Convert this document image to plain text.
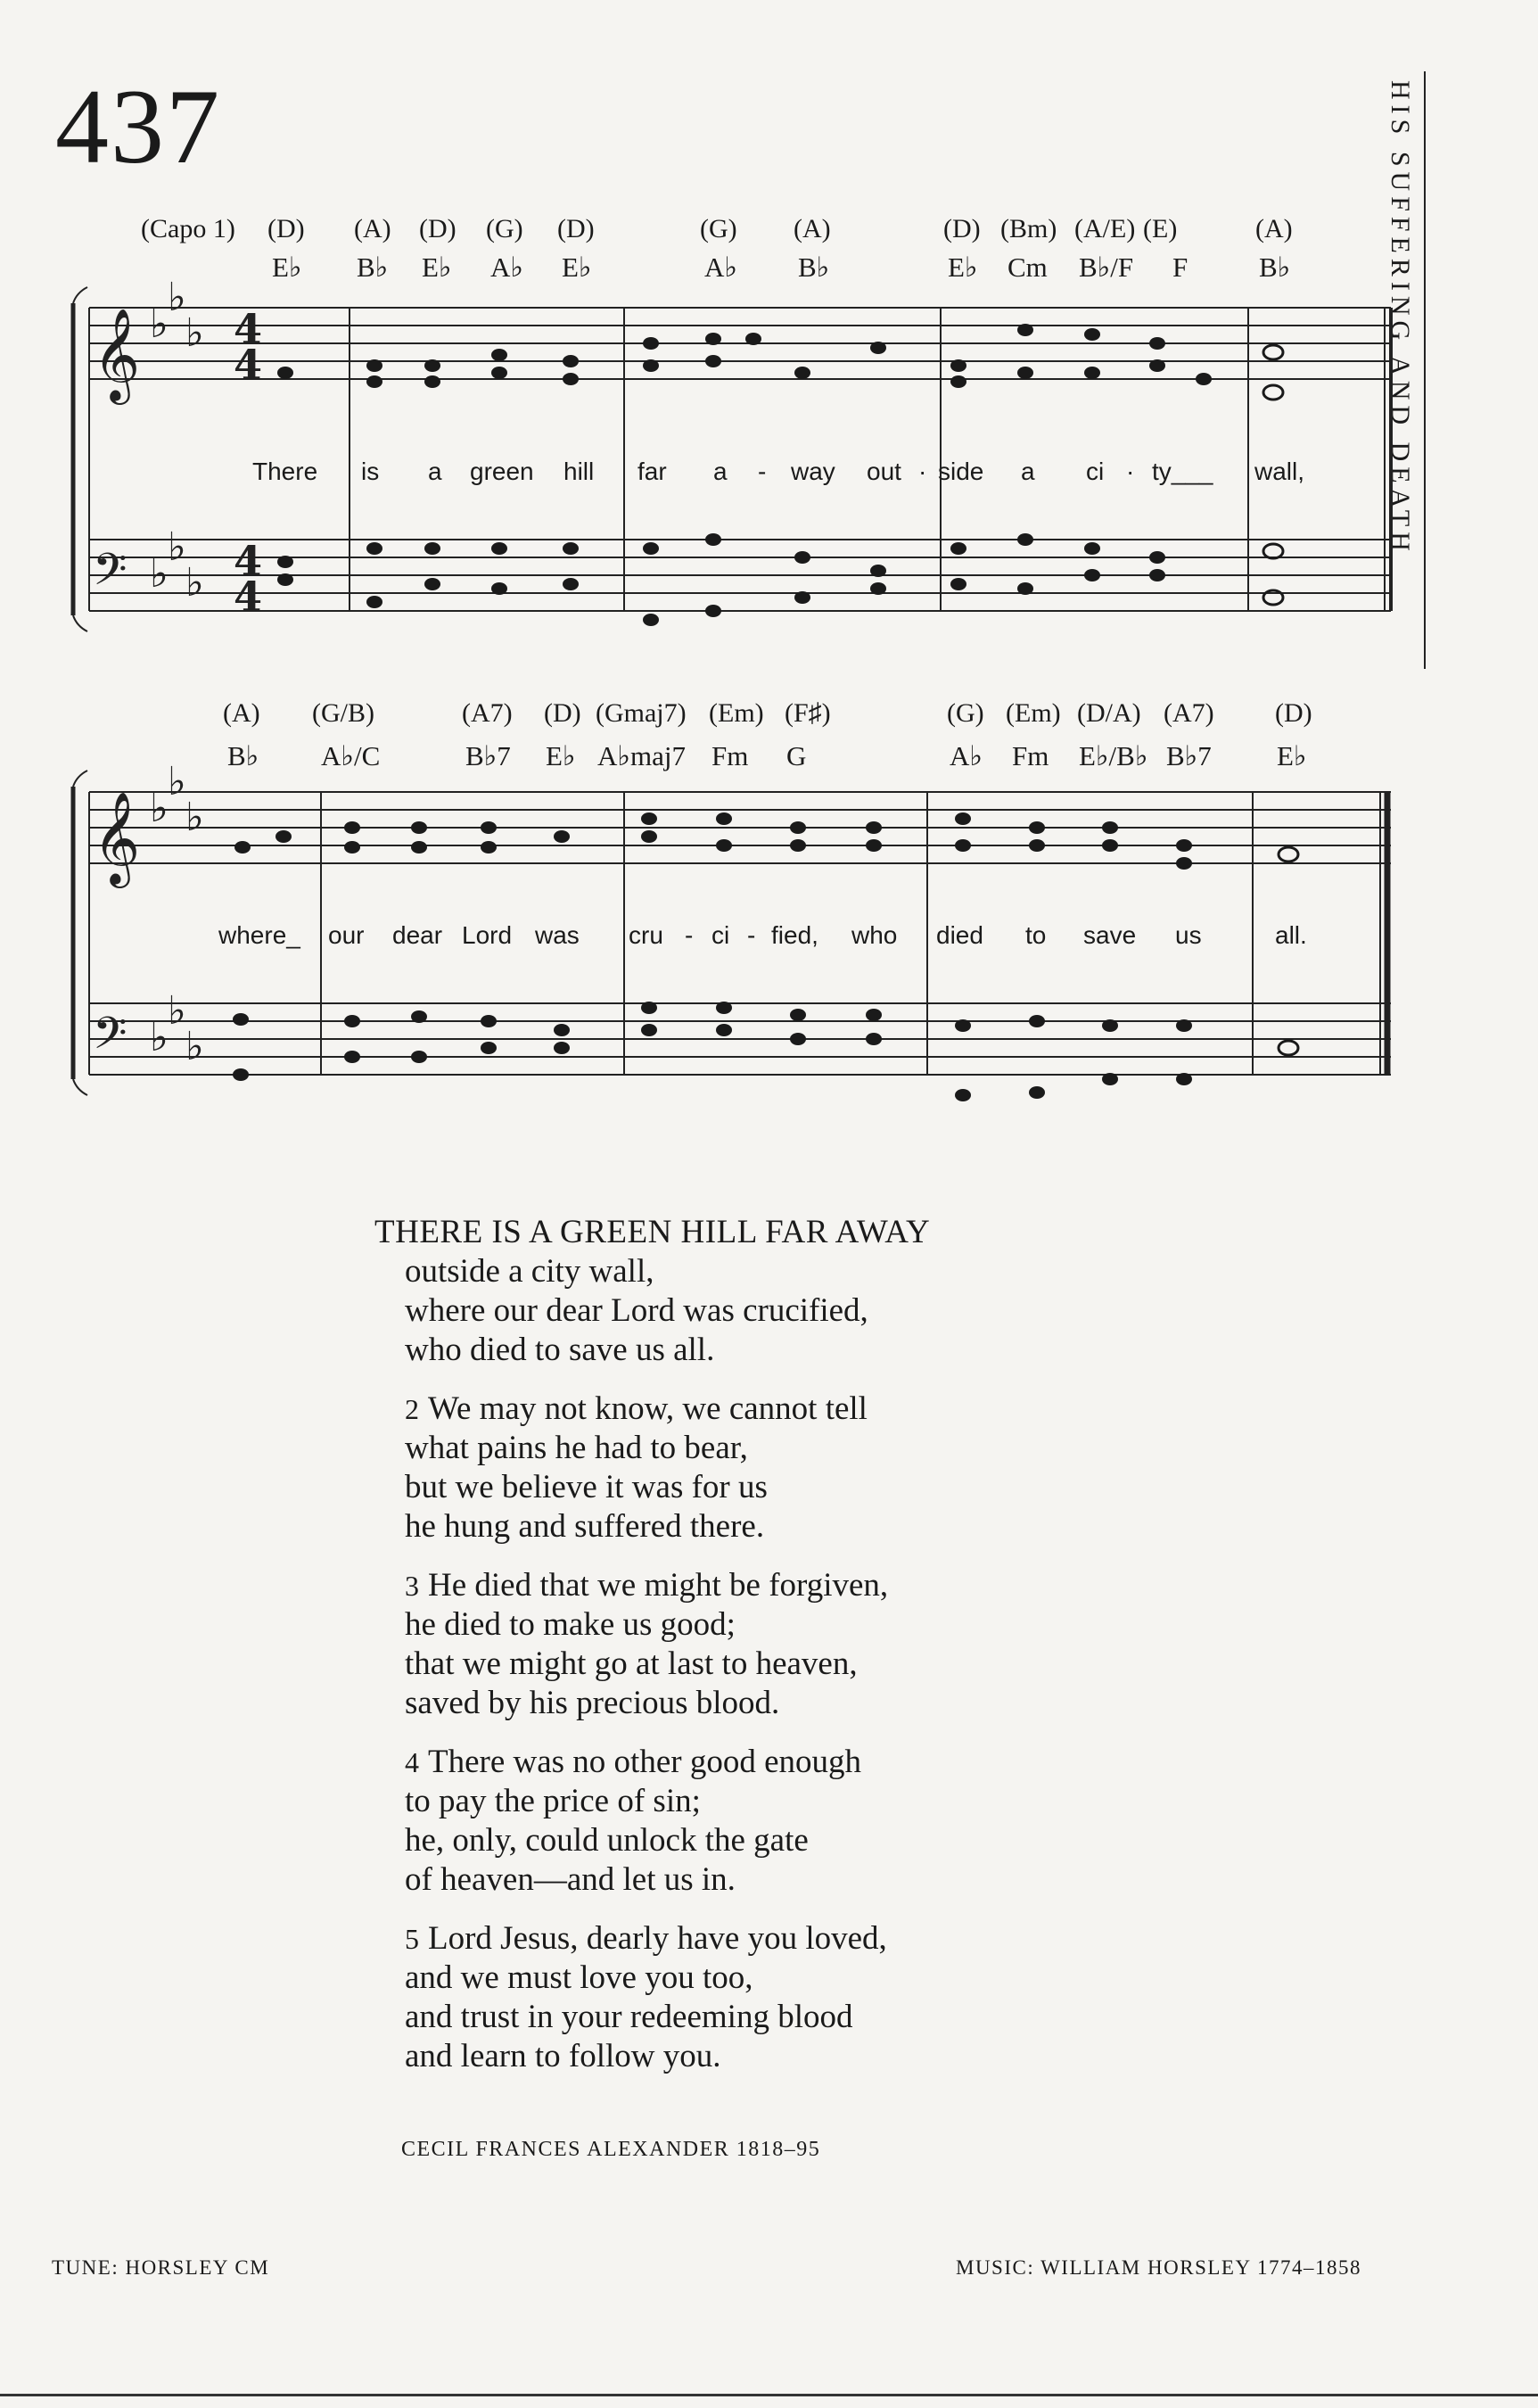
437	HIS SUFFERING AND DEATH
(Capo 1) (D) (A) (D) (G) (D)	(G) (A)	(D) (Bm) (A/E) (E)	(A)
E♭ B♭ E♭ A♭ E♭	A♭ B♭	E♭ Cm B♭/F F	B♭
There is a green hill far a - way out · side a ci · ty___ wall,
(A) (G/B)	(A7) (D) (Gmaj7) (Em) (F♯)	(G) (Em) (D/A) (A7) (D)
B♭ A♭/C	B♭7 E♭ A♭maj7 Fm G	A♭ Fm E♭/B♭ B♭7 E♭
where_ our dear Lord was cru - ci - fied, who died to save us	all.
𝄞
𝄢
𝄞
𝄢
♭
♭
♭
♭
♭
♭
♭
♭
♭
♭
♭
♭
4
4
4
4
THERE IS A GREEN HILL FAR AWAY
outside a city wall,
where our dear Lord was crucified,
who died to save us all.
2 We may not know, we cannot tell
what pains he had to bear,
but we believe it was for us
he hung and suffered there.
3 He died that we might be forgiven,
he died to make us good;
that we might go at last to heaven,
saved by his precious blood.
4 There was no other good enough
to pay the price of sin;
he, only, could unlock the gate
of heaven—and let us in.
5 Lord Jesus, dearly have you loved,
and we must love you too,
and trust in your redeeming blood
and learn to follow you.
CECIL FRANCES ALEXANDER 1818–95
TUNE: HORSLEY CM	MUSIC: WILLIAM HORSLEY 1774–1858
